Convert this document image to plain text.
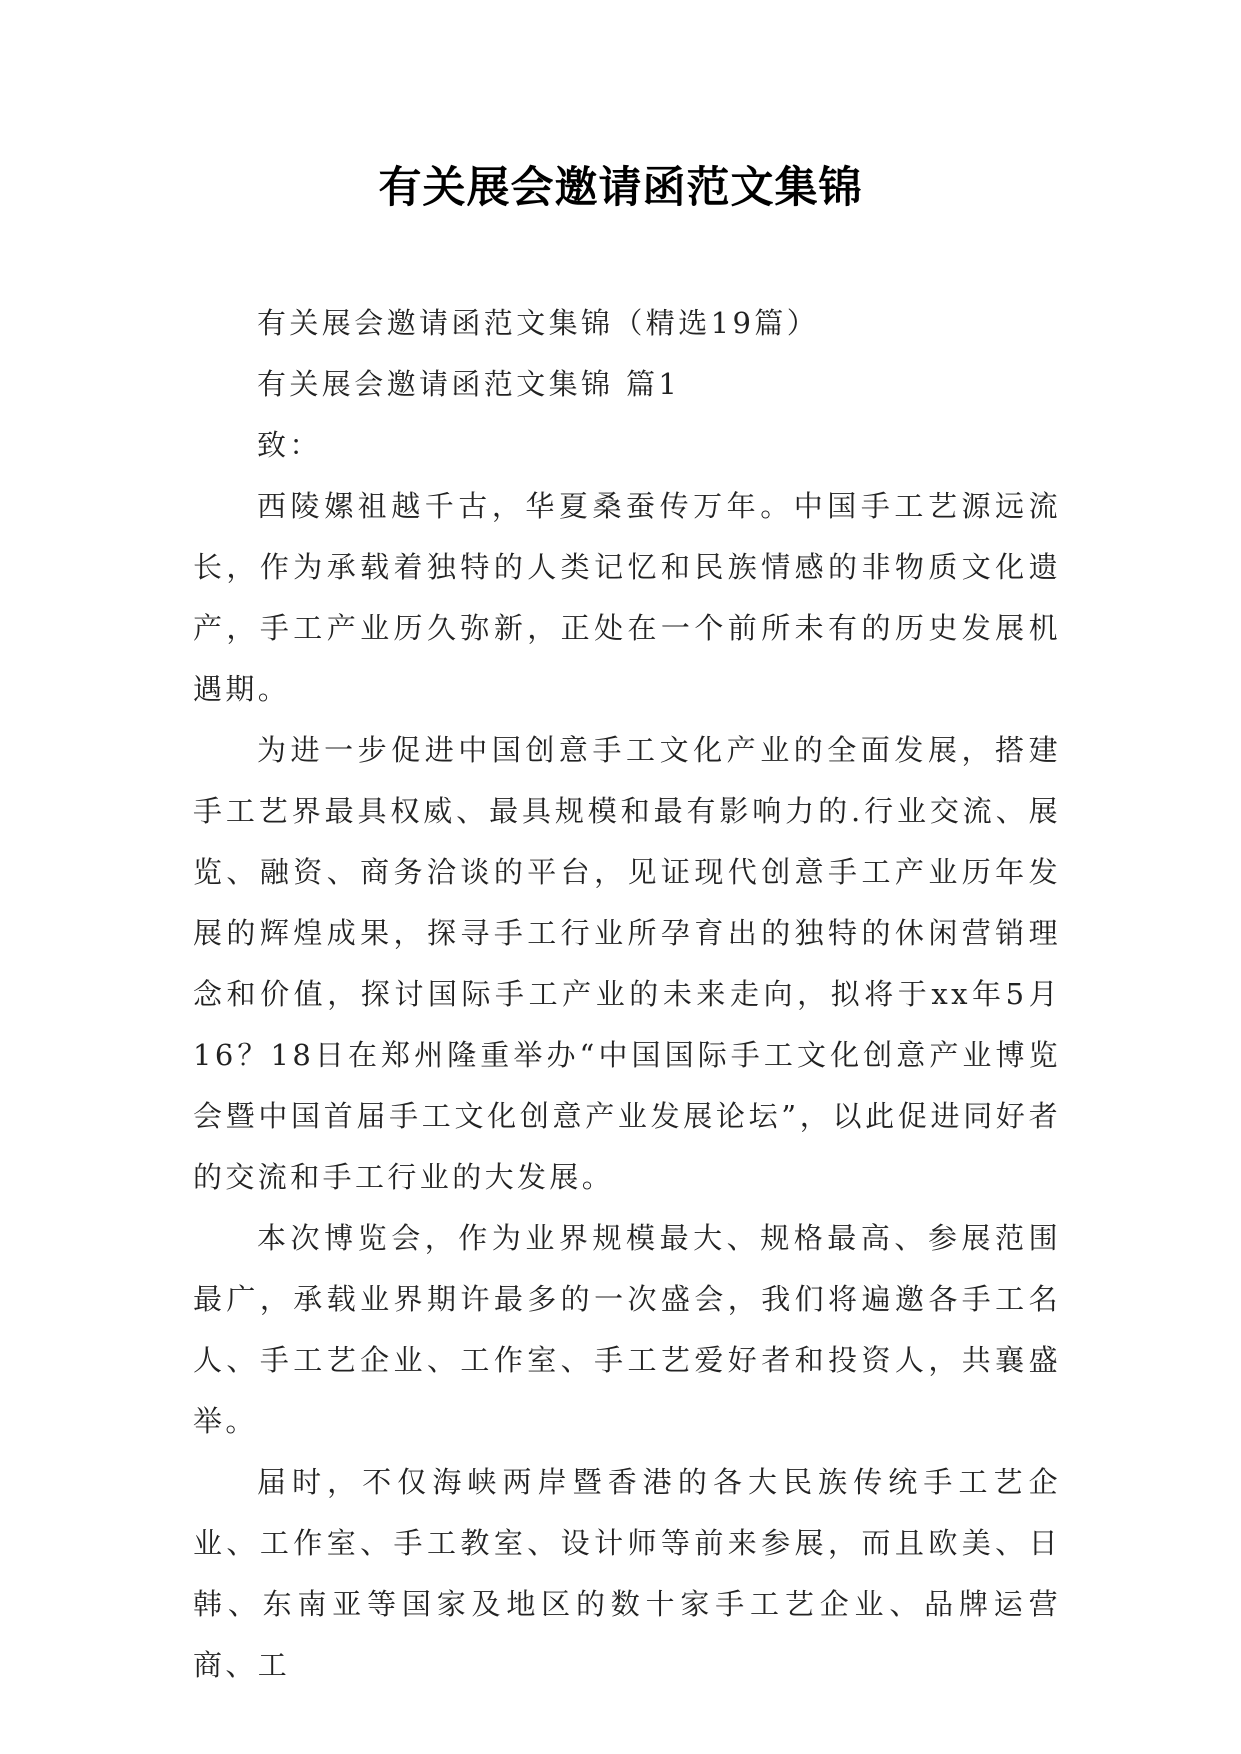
有关展会邀请函范文集锦

有关展会邀请函范文集锦（精选19篇）

有关展会邀请函范文集锦 篇1

致：

西陵嫘祖越千古，华夏桑蚕传万年。中国手工艺源远流长，作为承载着独特的人类记忆和民族情感的非物质文化遗产，手工产业历久弥新，正处在一个前所未有的历史发展机遇期。

为进一步促进中国创意手工文化产业的全面发展，搭建手工艺界最具权威、最具规模和最有影响力的.行业交流、展览、融资、商务洽谈的平台，见证现代创意手工产业历年发展的辉煌成果，探寻手工行业所孕育出的独特的休闲营销理念和价值，探讨国际手工产业的未来走向，拟将于xx年5月16？18日在郑州隆重举办“中国国际手工文化创意产业博览会暨中国首届手工文化创意产业发展论坛”，以此促进同好者的交流和手工行业的大发展。

本次博览会，作为业界规模最大、规格最高、参展范围最广，承载业界期许最多的一次盛会，我们将遍邀各手工名人、手工艺企业、工作室、手工艺爱好者和投资人，共襄盛举。

届时，不仅海峡两岸暨香港的各大民族传统手工艺企业、工作室、手工教室、设计师等前来参展，而且欧美、日韩、东南亚等国家及地区的数十家手工艺企业、品牌运营商、工
